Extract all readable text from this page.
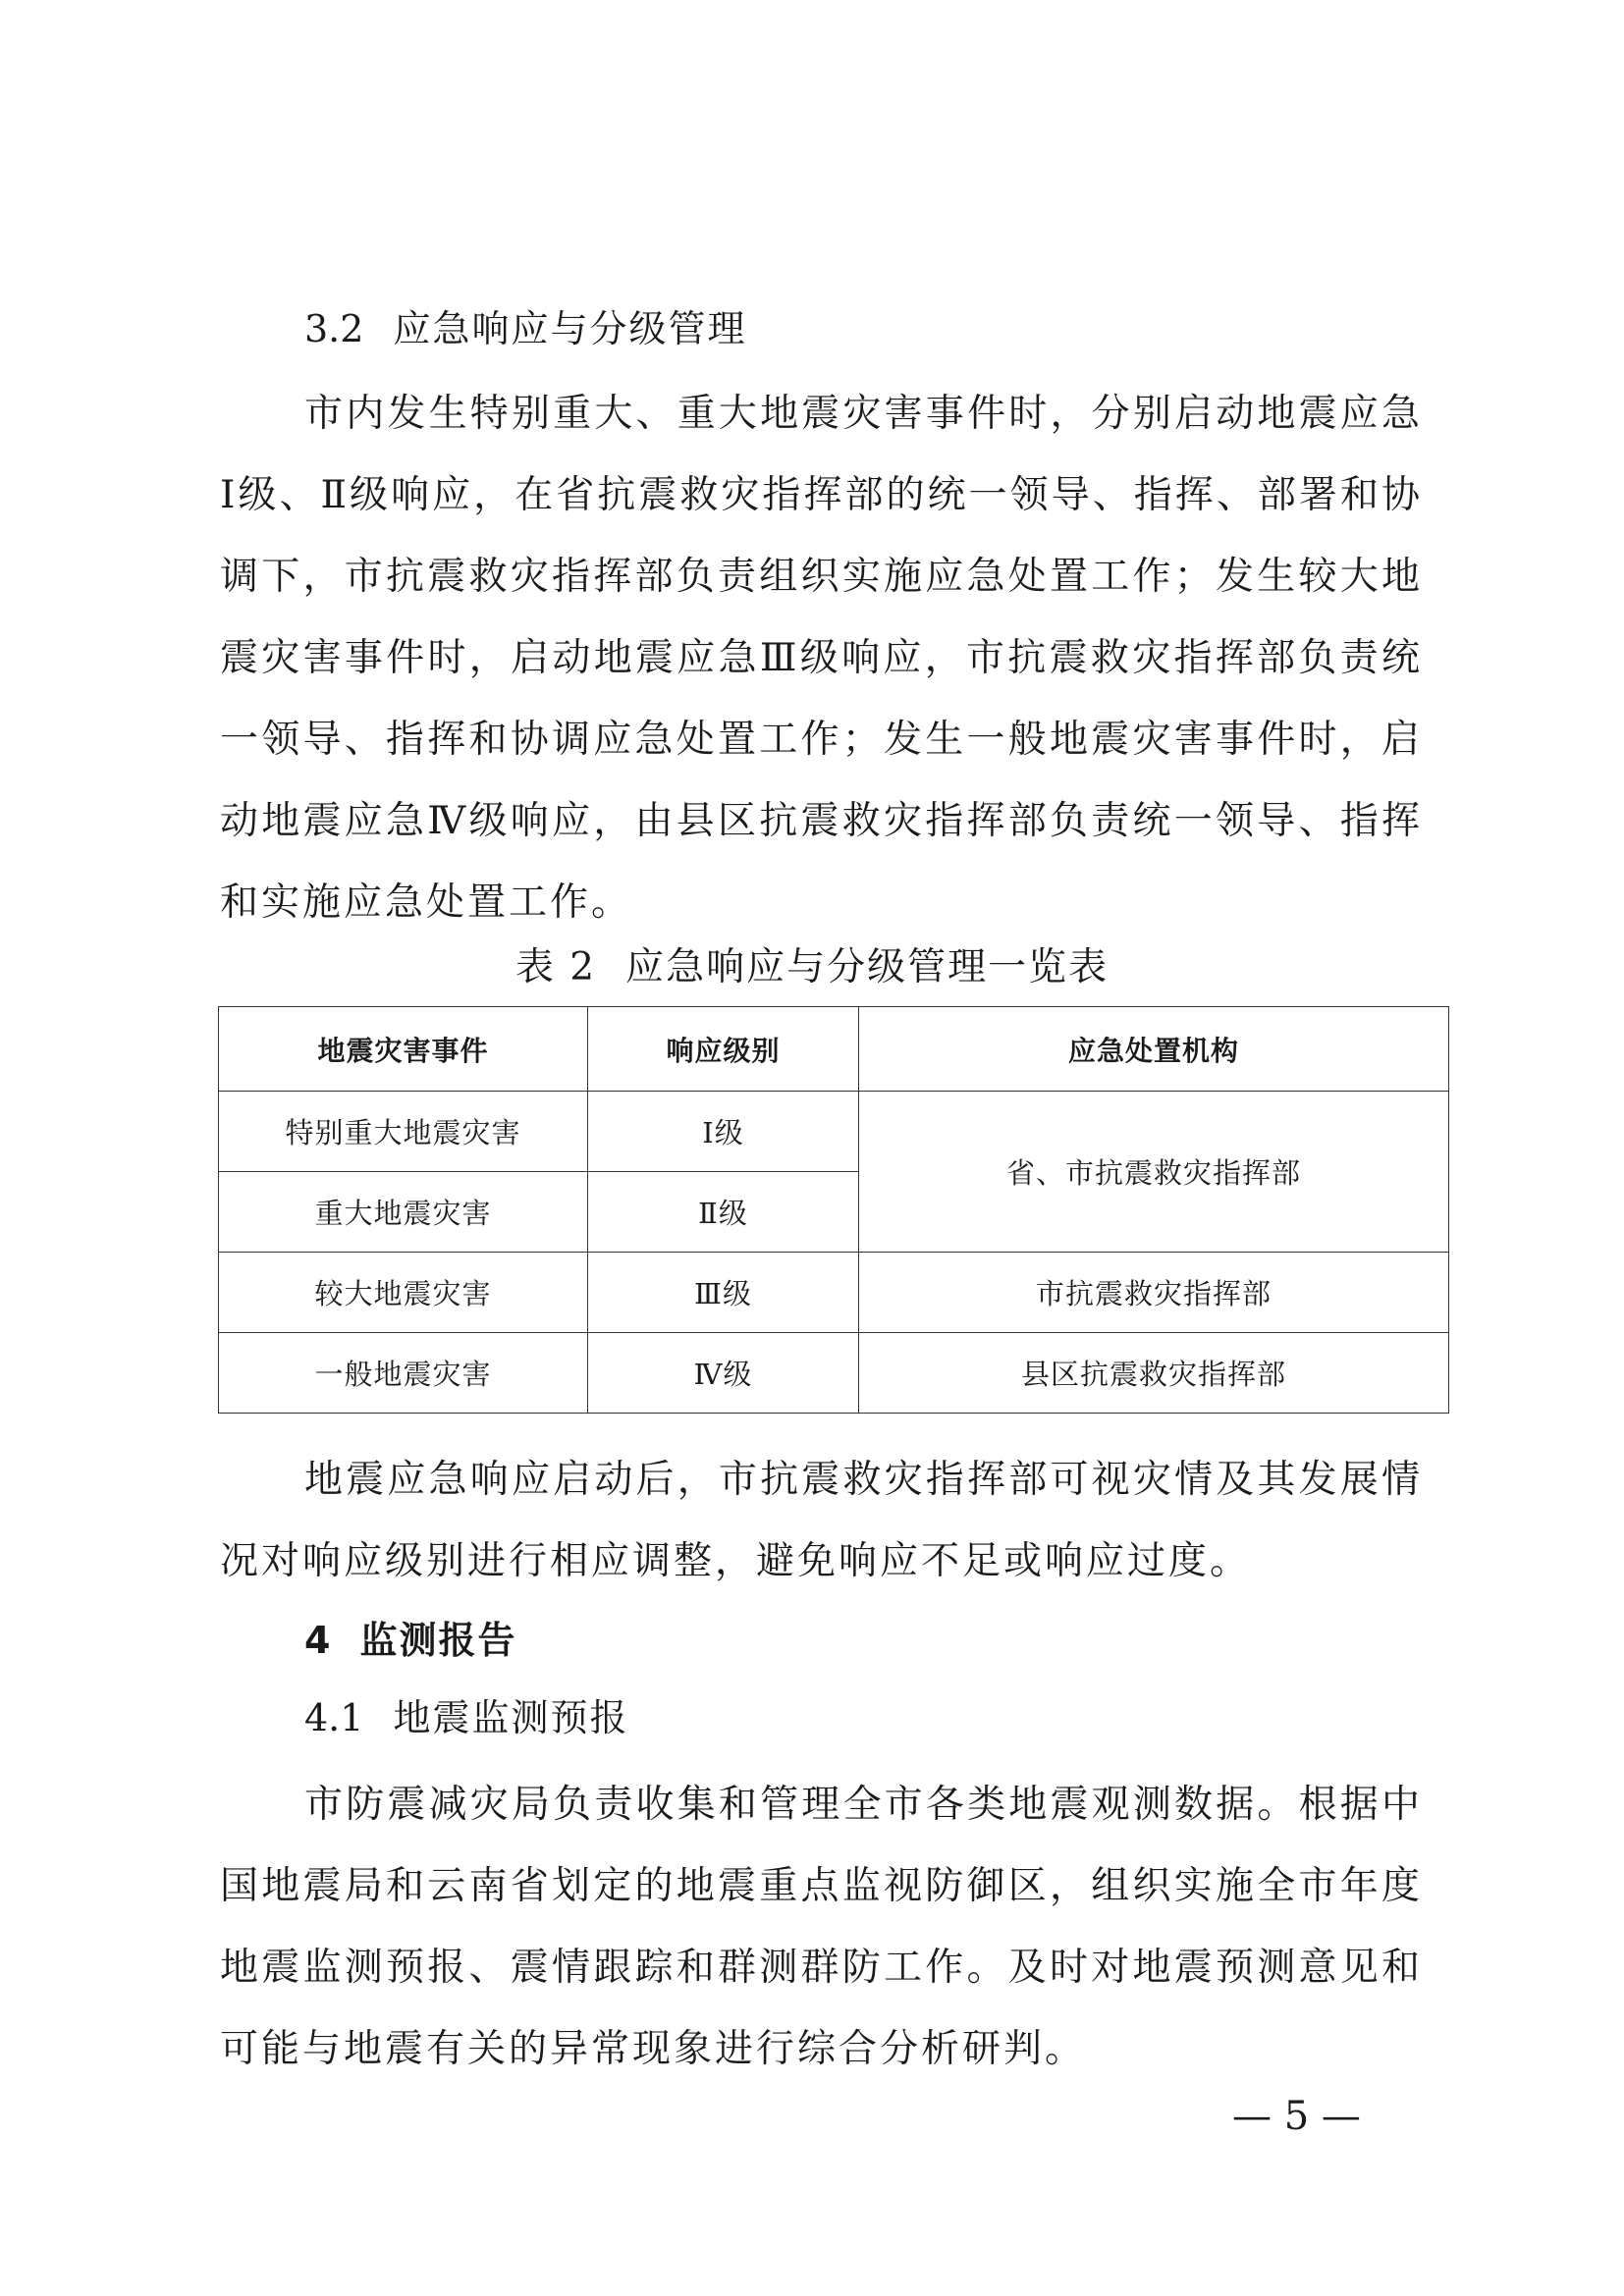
3.2 应急响应与分级管理

市内发生特别重大、重大地震灾害事件时，分别启动地震应急Ⅰ级、Ⅱ级响应，在省抗震救灾指挥部的统一领导、指挥、部署和协调下，市抗震救灾指挥部负责组织实施应急处置工作；发生较大地震灾害事件时，启动地震应急Ⅲ级响应，市抗震救灾指挥部负责统一领导、指挥和协调应急处置工作；发生一般地震灾害事件时，启动地震应急Ⅳ级响应，由县区抗震救灾指挥部负责统一领导、指挥和实施应急处置工作。

表 2 应急响应与分级管理一览表
地震灾害事件	响应级别	应急处置机构
特别重大地震灾害	Ⅰ级	省、市抗震救灾指挥部
重大地震灾害	Ⅱ级	
较大地震灾害	Ⅲ级	市抗震救灾指挥部
一般地震灾害	Ⅳ级	县区抗震救灾指挥部

地震应急响应启动后，市抗震救灾指挥部可视灾情及其发展情况对响应级别进行相应调整，避免响应不足或响应过度。

4 监测报告
4.1 地震监测预报

市防震减灾局负责收集和管理全市各类地震观测数据。根据中国地震局和云南省划定的地震重点监视防御区，组织实施全市年度地震监测预报、震情跟踪和群测群防工作。及时对地震预测意见和可能与地震有关的异常现象进行综合分析研判。

— 5 —
